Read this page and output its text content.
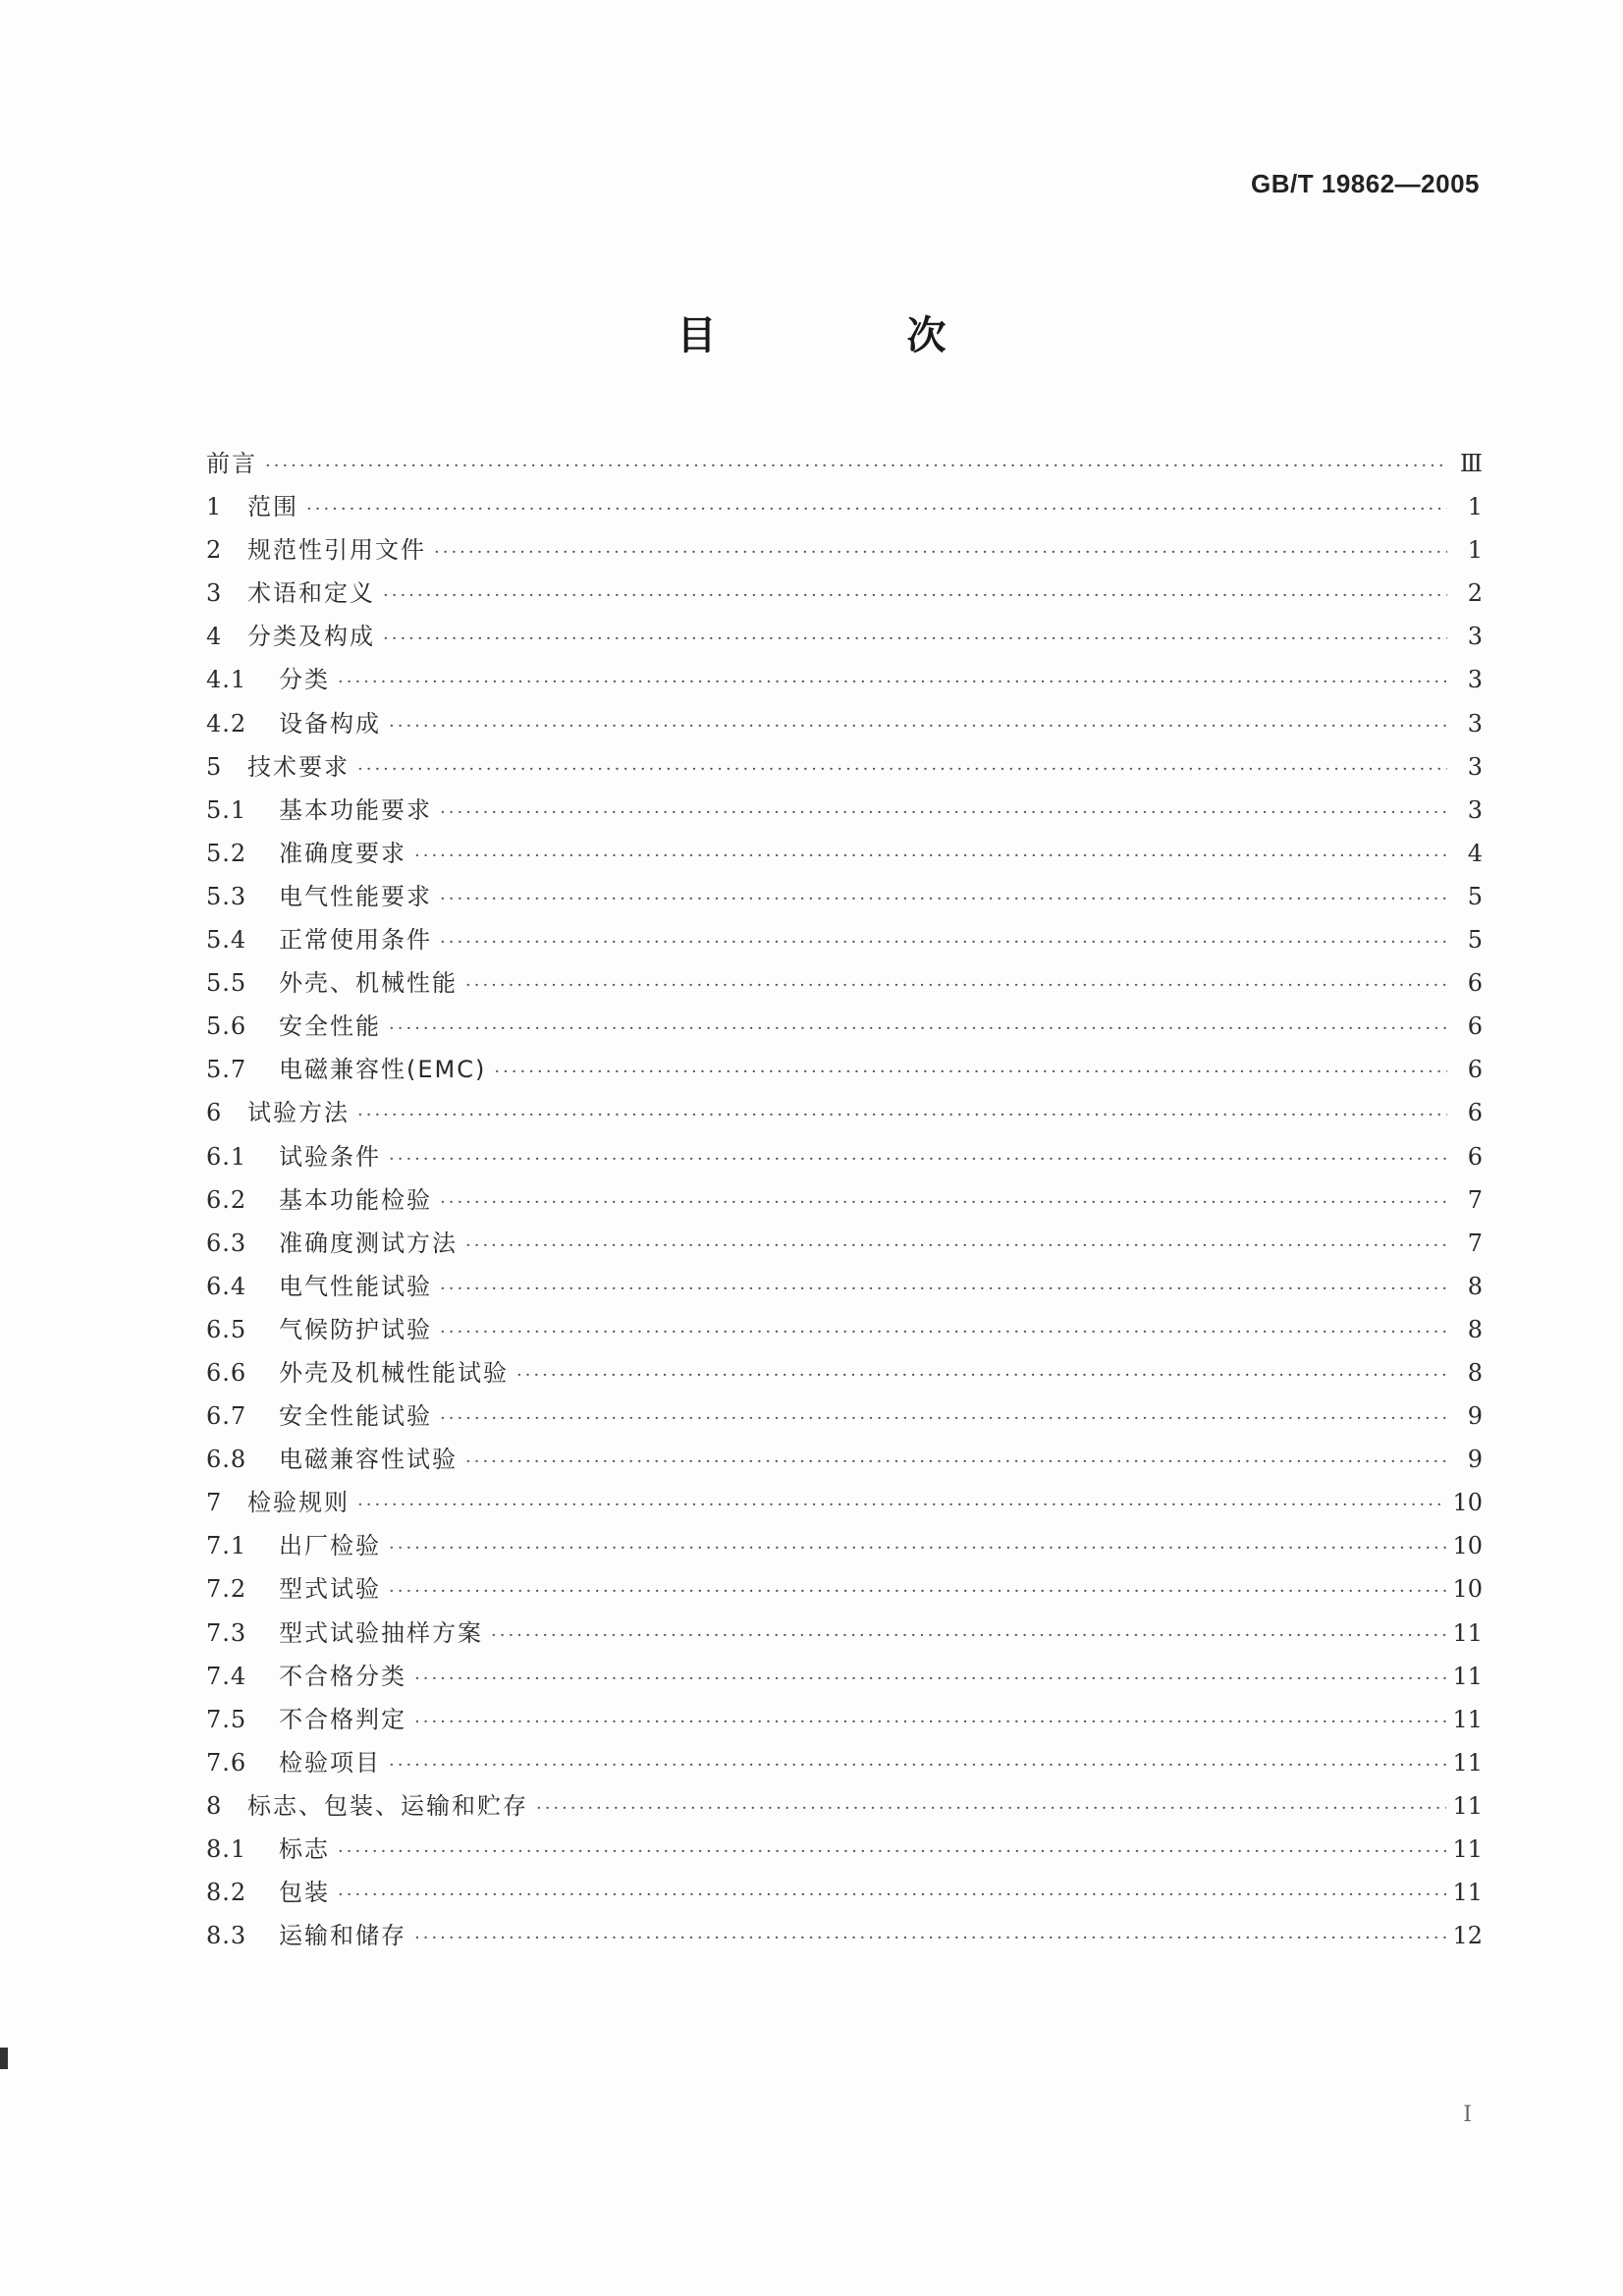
GB/T 19862—2005
目 次
前言 ·····	Ⅲ
1	范围 ·····	1
2	规范性引用文件 ·····	1
3	术语和定义 ·····	2
4	分类及构成 ·····	3
4.1	分类 ·····	3
4.2	设备构成 ·····	3
5	技术要求 ·····	3
5.1	基本功能要求 ·····	3
5.2	准确度要求 ·····	4
5.3	电气性能要求 ·····	5
5.4	正常使用条件 ·····	5
5.5	外壳、机械性能 ·····	6
5.6	安全性能 ·····	6
5.7	电磁兼容性(EMC) ·····	6
6	试验方法 ·····	6
6.1	试验条件 ·····	6
6.2	基本功能检验 ·····	7
6.3	准确度测试方法 ·····	7
6.4	电气性能试验 ·····	8
6.5	气候防护试验 ·····	8
6.6	外壳及机械性能试验 ·····	8
6.7	安全性能试验 ·····	9
6.8	电磁兼容性试验 ·····	9
7	检验规则 ·····	10
7.1	出厂检验 ·····	10
7.2	型式试验 ·····	10
7.3	型式试验抽样方案 ·····	11
7.4	不合格分类 ·····	11
7.5	不合格判定 ·····	11
7.6	检验项目 ·····	11
8	标志、包装、运输和贮存 ·····	11
8.1	标志 ·····	11
8.2	包装 ·····	11
8.3	运输和储存 ·····	12
I
